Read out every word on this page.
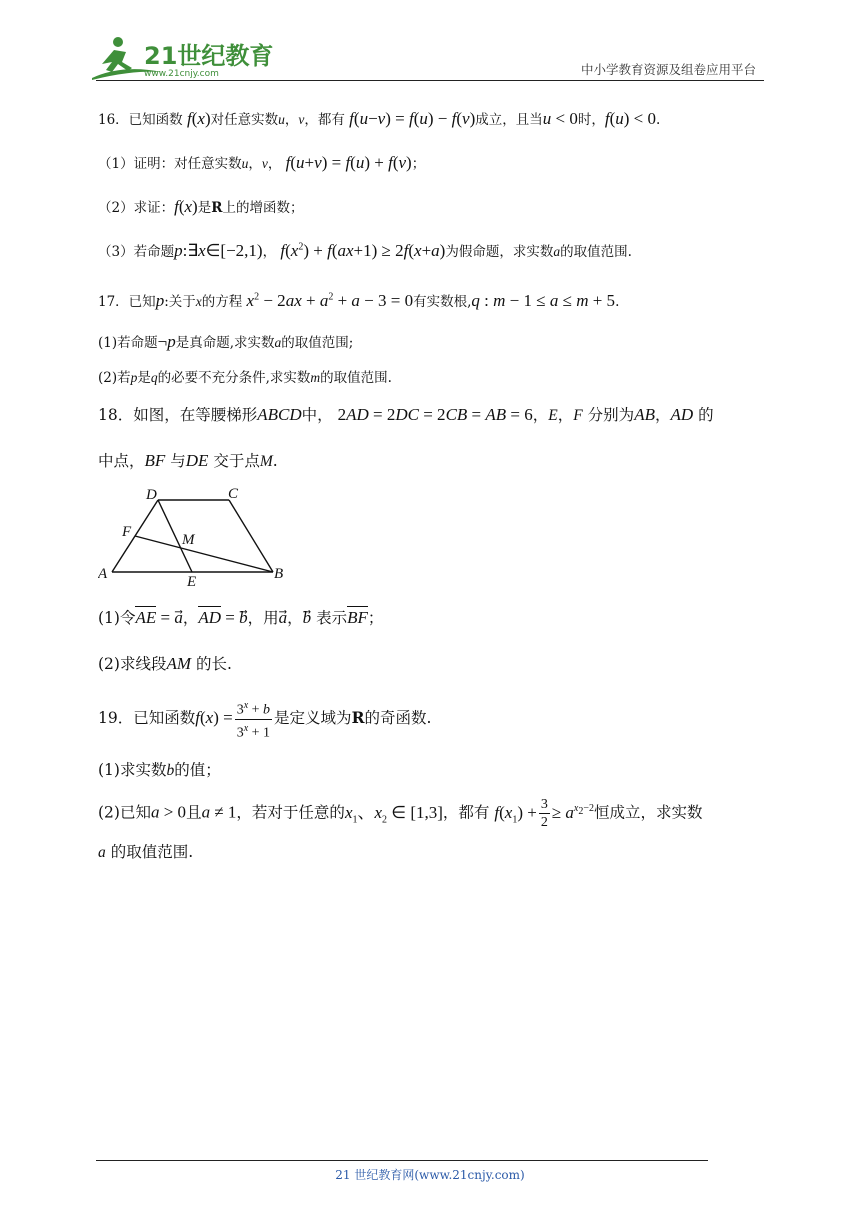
21世纪教育
www.21cnjy.com	中小学教育资源及组卷应用平台
16．已知函数 f(x)对任意实数u，v，都有 f(u−v) = f(u) − f(v)成立，且当u < 0时，f(u) < 0.
（1）证明：对任意实数u，v， f(u+v) = f(u) + f(v)；
（2）求证：f(x)是R上的增函数；
（3）若命题p:∃x∈[−2,1)， $f(x^2) + f(ax+1) \ge 2f(x+a)$为假命题，求实数a的取值范围.
17．已知p:关于x的方程 $x^2 - 2ax + a^2 + a - 3 = 0$有实数根,q : m − 1 ≤ a ≤ m + 5.
(1)若命题¬p是真命题,求实数a的取值范围;
(2)若p是q的必要不充分条件,求实数m的取值范围.
18．如图，在等腰梯形ABCD中， 2AD = 2DC = 2CB = AB = 6，E，F 分别为AB，AD 的
中点，BF 与DE 交于点M.
A	B
C
D
E
F	M
(1)令AE = a，AD = b，用a，b 表示BF；
(2)求线段AM 的长.
19．已知函数$f(x) = \frac{3^x + b}{3^x + 1}$ 是定义域为R的奇函数.
(1)求实数b的值；
(2)已知a > 0且a ≠ 1，若对于任意的$x_1$、$x_2$ ∈ [1,3]，都有 $f(x_1) + \frac{3}{2} \ge a^{x_2-2}$恒成立，求实数
a 的取值范围.
21 世纪教育网(www.21cnjy.com)
